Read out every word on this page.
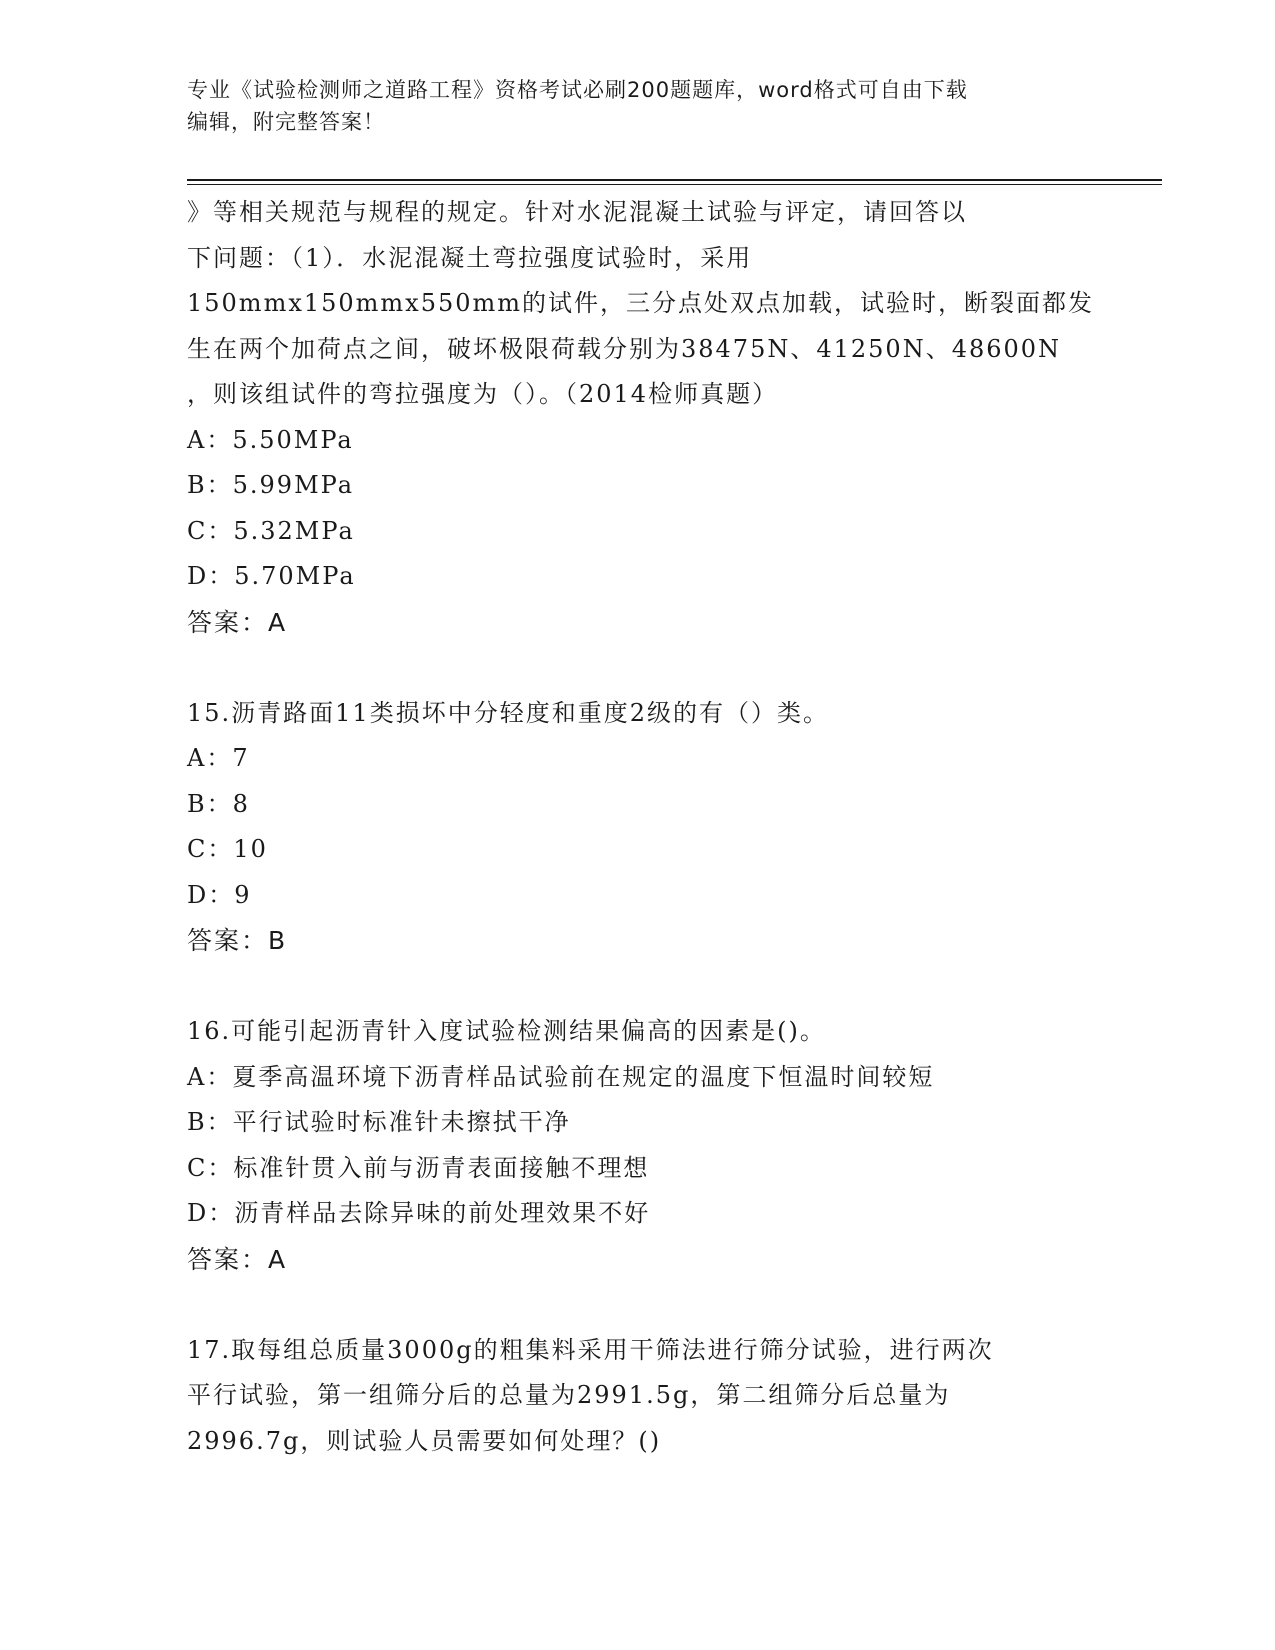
专业《试验检测师之道路工程》资格考试必刷200题题库，word格式可自由下载
编辑，附完整答案！
》等相关规范与规程的规定。针对水泥混凝土试验与评定，请回答以
下问题：（1）．水泥混凝土弯拉强度试验时，采用
150mmx150mmx550mm的试件，三分点处双点加载，试验时，断裂面都发
生在两个加荷点之间，破坏极限荷载分别为38475N、41250N、48600N
，则该组试件的弯拉强度为（）。（2014检师真题）
A：5.50MPa
B：5.99MPa
C：5.32MPa
D：5.70MPa
答案：A
15.沥青路面11类损坏中分轻度和重度2级的有（）类。
A：7
B：8
C：10
D：9
答案：B
16.可能引起沥青针入度试验检测结果偏高的因素是()。
A：夏季高温环境下沥青样品试验前在规定的温度下恒温时间较短
B：平行试验时标准针未擦拭干净
C：标准针贯入前与沥青表面接触不理想
D：沥青样品去除异味的前处理效果不好
答案：A
17.取每组总质量3000g的粗集料采用干筛法进行筛分试验，进行两次
平行试验，第一组筛分后的总量为2991.5g，第二组筛分后总量为
2996.7g，则试验人员需要如何处理？()
